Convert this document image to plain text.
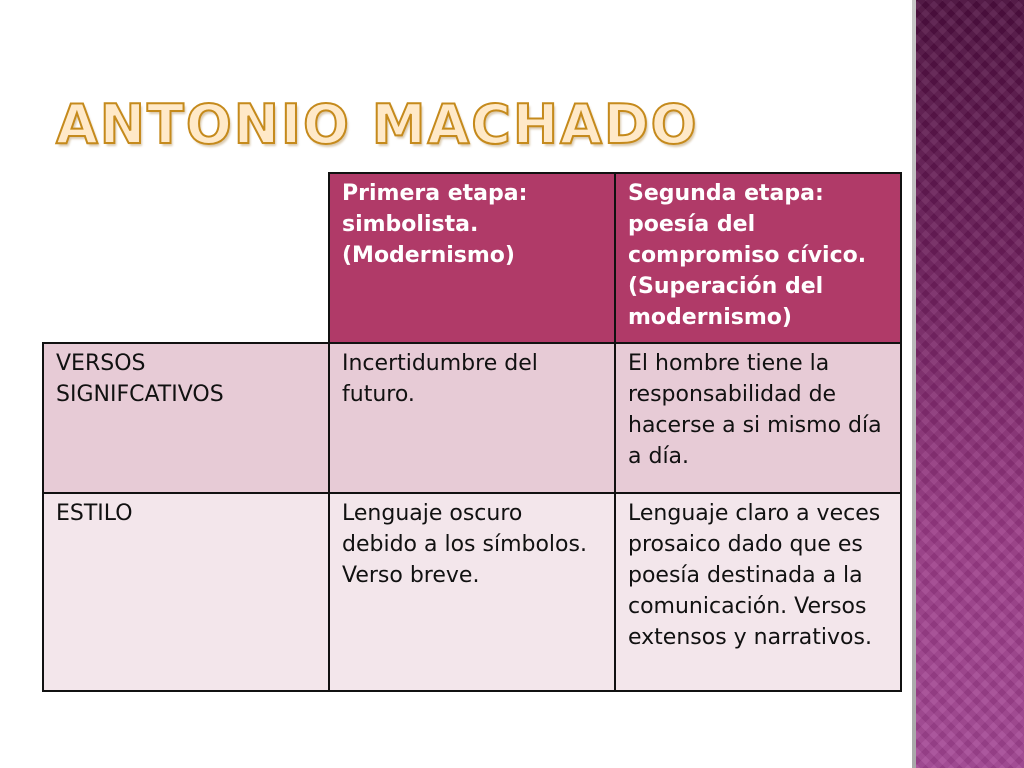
ANTONIO MACHADO
	Primera etapa: simbolista. (Modernismo)	Segunda etapa: poesía del compromiso cívico. (Superación del modernismo)
VERSOS SIGNIFCATIVOS	Incertidumbre del futuro.	El hombre tiene la responsabilidad de hacerse a si mismo día a día.
ESTILO	Lenguaje oscuro debido a los símbolos. Verso breve.	Lenguaje claro a veces prosaico dado que es poesía destinada a la comunicación. Versos extensos y narrativos.
